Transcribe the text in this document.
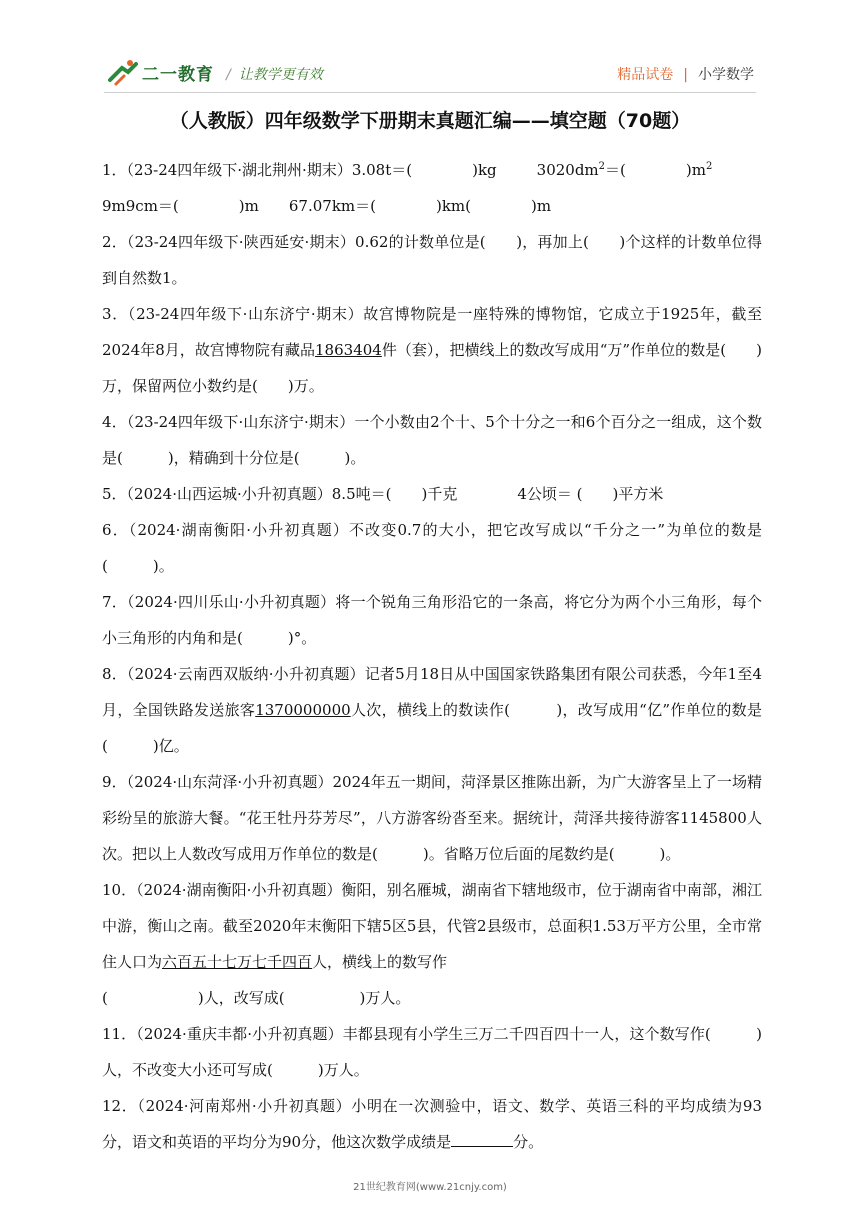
二一教育 / 让教学更有效	精品试卷 | 小学数学
（人教版）四年级数学下册期末真题汇编——填空题（70题）
1．（23-24四年级下·湖北荆州·期末）3.08t＝(	)kg	$3020dm^2=$(	)$m^2$
9m9cm＝(	)m 67.07km＝(	)km(	)m
2．（23-24四年级下·陕西延安·期末）0.62的计数单位是(　　)，再加上(　　)个这样的计数单位得到自然数1。
3．（23-24四年级下·山东济宁·期末）故宫博物院是一座特殊的博物馆，它成立于1925年，截至2024年8月，故宫博物院有藏品1863404件（套），把横线上的数改写成用“万”作单位的数是(　　)万，保留两位小数约是(　　)万。
4．（23-24四年级下·山东济宁·期末）一个小数由2个十、5个十分之一和6个百分之一组成，这个数是(　　　)，精确到十分位是(　　　)。
5．（2024·山西运城·小升初真题）8.5吨＝(　　)千克　　　　4公顷＝ (　　)平方米
6．（2024·湖南衡阳·小升初真题）不改变0.7的大小，把它改写成以“千分之一”为单位的数是(　　　)。
7．（2024·四川乐山·小升初真题）将一个锐角三角形沿它的一条高，将它分为两个小三角形，每个小三角形的内角和是(　　　)°。
8．（2024·云南西双版纳·小升初真题）记者5月18日从中国国家铁路集团有限公司获悉，今年1至4月，全国铁路发送旅客1370000000人次，横线上的数读作(　　　)，改写成用“亿”作单位的数是(　　　)亿。
9．（2024·山东菏泽·小升初真题）2024年五一期间，菏泽景区推陈出新，为广大游客呈上了一场精彩纷呈的旅游大餐。“花王牡丹芬芳尽”，八方游客纷沓至来。据统计，菏泽共接待游客1145800人次。把以上人数改写成用万作单位的数是(　　　)。省略万位后面的尾数约是(　　　)。
10．（2024·湖南衡阳·小升初真题）衡阳，别名雁城，湖南省下辖地级市，位于湖南省中南部，湘江中游，衡山之南。截至2020年末衡阳下辖5区5县，代管2县级市，总面积1.53万平方公里，全市常住人口为六百五十七万七千四百人，横线上的数写作
(　　　　　　)人，改写成(　　　　　)万人。
11．（2024·重庆丰都·小升初真题）丰都县现有小学生三万二千四百四十一人，这个数写作(　　　)人，不改变大小还可写成(　　　)万人。
12．（2024·河南郑州·小升初真题）小明在一次测验中，语文、数学、英语三科的平均成绩为93分，语文和英语的平均分为90分，他这次数学成绩是	分。
21世纪教育网(www.21cnjy.com)
